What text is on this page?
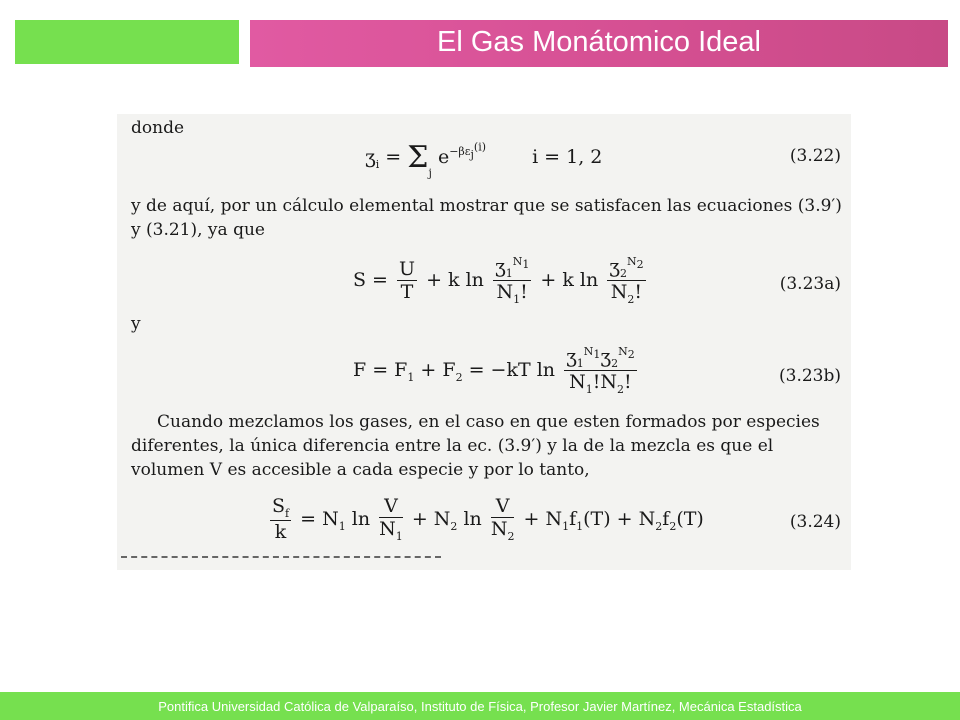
El Gas Monátomico Ideal
donde
ʒ$_i$ = $\Sigma_j$ $e^{-\beta\varepsilon_j^{(i)}}$ i = 1, 2	(3.22)
y de aquí, por un cálculo elemental mostrar que se satisfacen las ecuaciones (3.9′)
y (3.21), ya que
$S = \frac{U}{T} + k$ $\ln \frac{ʒ_1^{N_1}}{N_1!} + k$ $\ln \frac{ʒ_2^{N_2}}{N_2!}$	(3.23a)
y
$F = F_1 + F_2 = -kT$ $\ln \frac{ʒ_1^{N_1}ʒ_2^{N_2}}{N_1!N_2!}$	(3.23b)
Cuando mezclamos los gases, en el caso en que esten formados por especies
diferentes, la única diferencia entre la ec. (3.9′) y la de la mezcla es que el
volumen V es accesible a cada especie y por lo tanto,
$\frac{S_f}{k} = N_1$ $\ln \frac{V}{N_1} + N_2$ $\ln \frac{V}{N_2} + N_1f_1(T) + N_2f_2(T)$	(3.24)
Pontifica Universidad Católica de Valparaíso, Instituto de Física, Profesor Javier Martínez, Mecánica Estadística
